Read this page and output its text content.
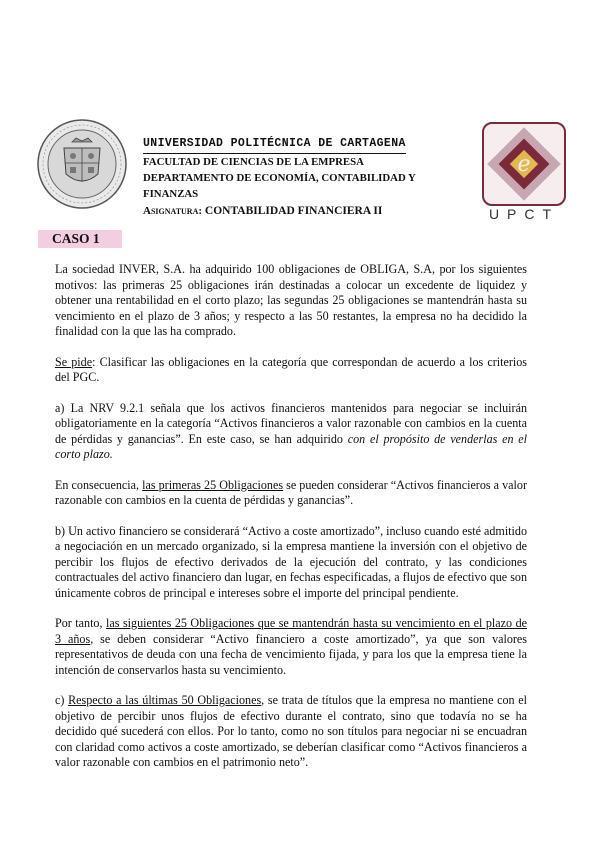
UNIVERSIDAD POLITÉCNICA DE CARTAGENA
FACULTAD DE CIENCIAS DE LA EMPRESA
DEPARTAMENTO DE ECONOMÍA, CONTABILIDAD Y
FINANZAS
Asignatura: CONTABILIDAD FINANCIERA II
e
UPCT
CASO 1

La sociedad INVER, S.A. ha adquirido 100 obligaciones de OBLIGA, S.A, por los siguientes motivos: las primeras 25 obligaciones irán destinadas a colocar un excedente de liquidez y obtener una rentabilidad en el corto plazo; las segundas 25 obligaciones se mantendrán hasta su vencimiento en el plazo de 3 años; y respecto a las 50 restantes, la empresa no ha decidido la finalidad con la que las ha comprado.

Se pide: Clasificar las obligaciones en la categoría que correspondan de acuerdo a los criterios del PGC.

a) La NRV 9.2.1 señala que los activos financieros mantenidos para negociar se incluirán obligatoriamente en la categoría “Activos financieros a valor razonable con cambios en la cuenta de pérdidas y ganancias”. En este caso, se han adquirido con el propósito de venderlas en el corto plazo.

En consecuencia, las primeras 25 Obligaciones se pueden considerar “Activos financieros a valor razonable con cambios en la cuenta de pérdidas y ganancias”.

b) Un activo financiero se considerará “Activo a coste amortizado”, incluso cuando esté admitido a negociación en un mercado organizado, si la empresa mantiene la inversión con el objetivo de percibir los flujos de efectivo derivados de la ejecución del contrato, y las condiciones contractuales del activo financiero dan lugar, en fechas especificadas, a flujos de efectivo que son únicamente cobros de principal e intereses sobre el importe del principal pendiente.

Por tanto, las siguientes 25 Obligaciones que se mantendrán hasta su vencimiento en el plazo de 3 años, se deben considerar “Activo financiero a coste amortizado”, ya que son valores representativos de deuda con una fecha de vencimiento fijada, y para los que la empresa tiene la intención de conservarlos hasta su vencimiento.

c) Respecto a las últimas 50 Obligaciones, se trata de títulos que la empresa no mantiene con el objetivo de percibir unos flujos de efectivo durante el contrato, sino que todavía no se ha decidido qué sucederá con ellos. Por lo tanto, como no son títulos para negociar ni se encuadran con claridad como activos a coste amortizado, se deberían clasificar como “Activos financieros a valor razonable con cambios en el patrimonio neto”.
